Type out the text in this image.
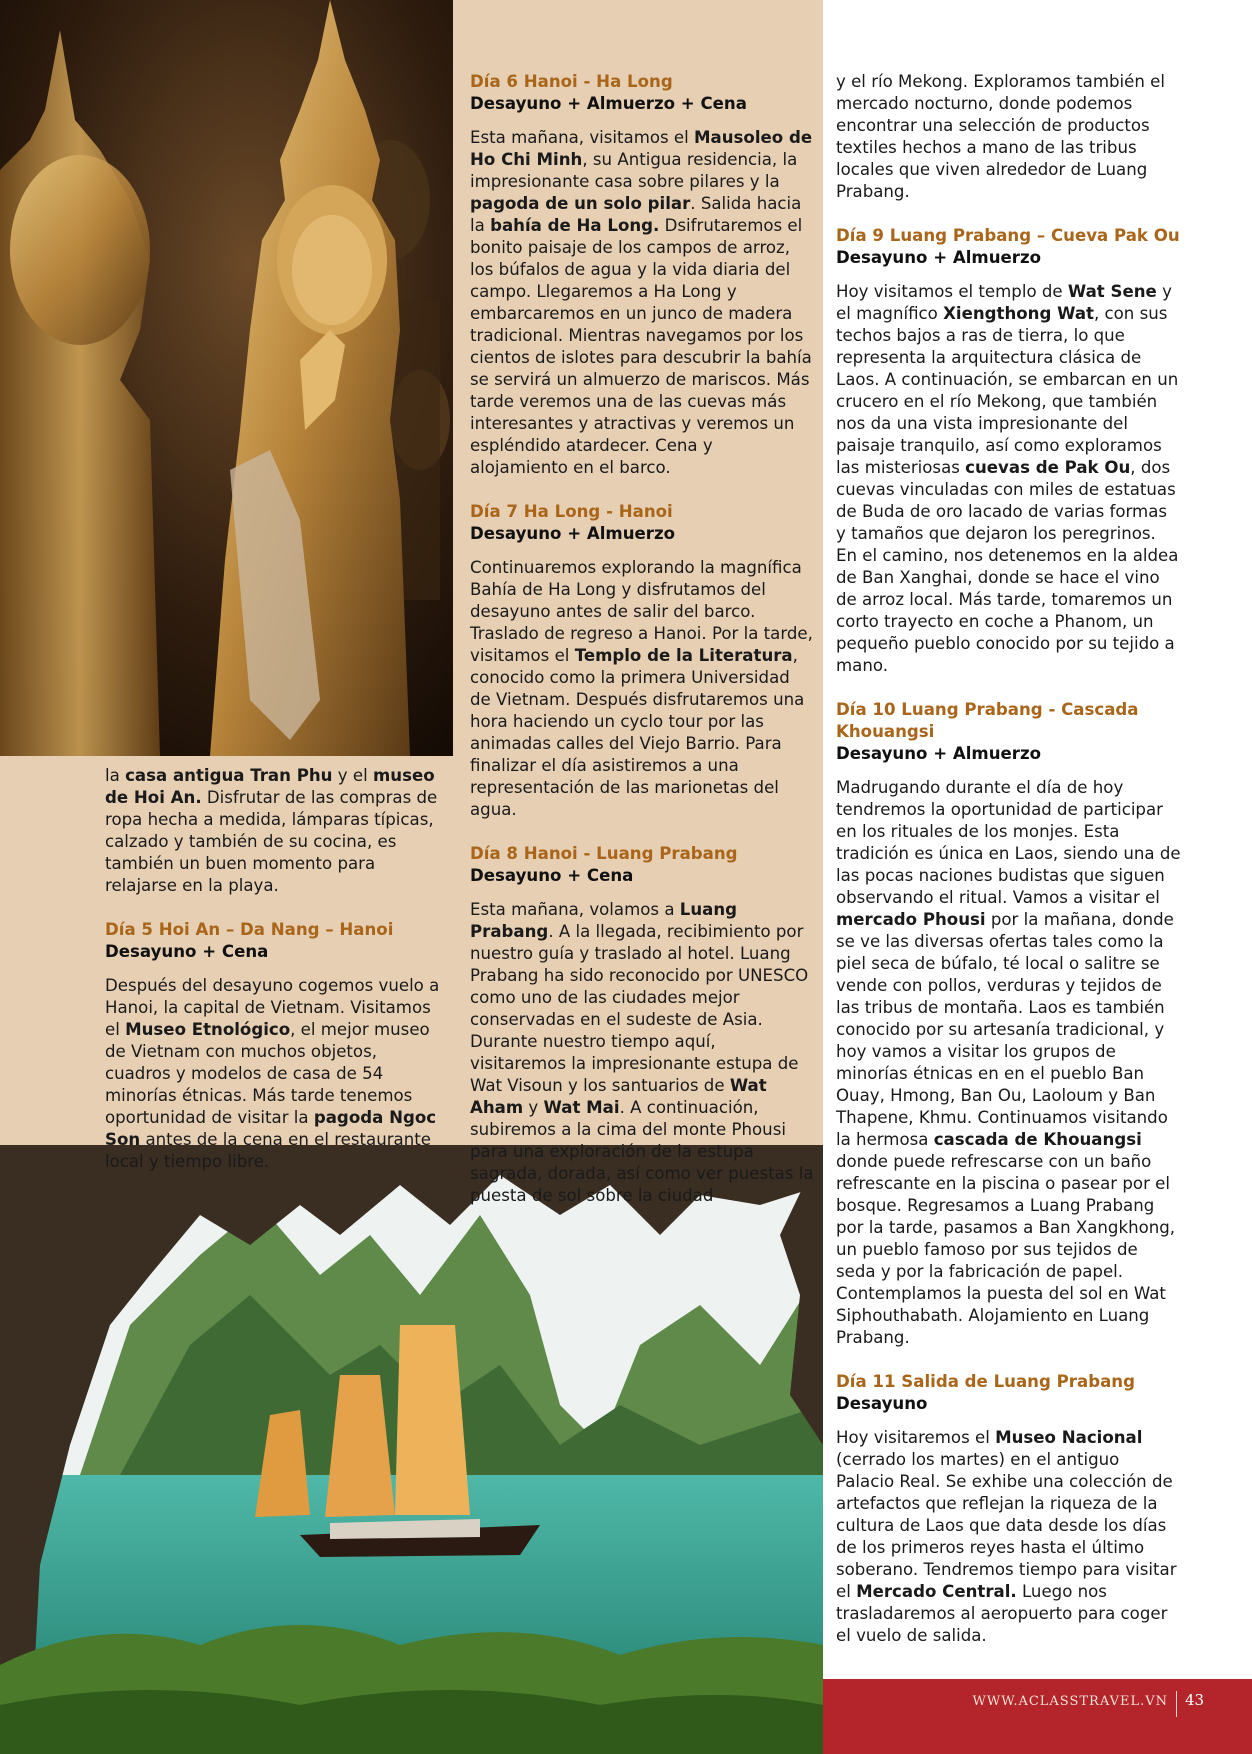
la casa antigua Tran Phu y el museo de Hoi An. Disfrutar de las compras de ropa hecha a medida, lámparas típicas, calzado y también de su cocina, es también un buen momento para relajarse en la playa.

Día 5 Hoi An – Da Nang – Hanoi
Desayuno + Cena

Después del desayuno cogemos vuelo a Hanoi, la capital de Vietnam. Visitamos el Museo Etnológico, el mejor museo de Vietnam con muchos objetos, cuadros y modelos de casa de 54 minorías étnicas. Más tarde tenemos oportunidad de visitar la pagoda Ngoc Son antes de la cena en el restaurante local y tiempo libre.

Día 6 Hanoi - Ha Long
Desayuno + Almuerzo + Cena

Esta mañana, visitamos el Mausoleo de Ho Chi Minh, su Antigua residencia, la impresionante casa sobre pilares y la pagoda de un solo pilar. Salida hacia la bahía de Ha Long. Dsifrutaremos el bonito paisaje de los campos de arroz, los búfalos de agua y la vida diaria del campo. Llegaremos a Ha Long y embarcaremos en un junco de madera tradicional. Mientras navegamos por los cientos de islotes para descubrir la bahía se servirá un almuerzo de mariscos. Más tarde veremos una de las cuevas más interesantes y atractivas y veremos un espléndido atardecer. Cena y alojamiento en el barco.

Día 7 Ha Long - Hanoi
Desayuno + Almuerzo

Continuaremos explorando la magnífica Bahía de Ha Long y disfrutamos del desayuno antes de salir del barco. Traslado de regreso a Hanoi. Por la tarde, visitamos el Templo de la Literatura, conocido como la primera Universidad de Vietnam. Después disfrutaremos una hora haciendo un cyclo tour por las animadas calles del Viejo Barrio. Para finalizar el día asistiremos a una representación de las marionetas del agua.

Día 8 Hanoi - Luang Prabang
Desayuno + Cena

Esta mañana, volamos a Luang Prabang. A la llegada, recibimiento por nuestro guía y traslado al hotel. Luang Prabang ha sido reconocido por UNESCO como uno de las ciudades mejor conservadas en el sudeste de Asia. Durante nuestro tiempo aquí, visitaremos la impresionante estupa de Wat Visoun y los santuarios de Wat Aham y Wat Mai. A continuación, subiremos a la cima del monte Phousi para una exploración de la estupa sagrada, dorada, así como ver puestas la puesta de sol sobre la ciudad

y el río Mekong. Exploramos también el mercado nocturno, donde podemos encontrar una selección de productos textiles hechos a mano de las tribus locales que viven alrededor de Luang Prabang.

Día 9 Luang Prabang – Cueva Pak Ou
Desayuno + Almuerzo

Hoy visitamos el templo de Wat Sene y el magnífico Xiengthong Wat, con sus techos bajos a ras de tierra, lo que representa la arquitectura clásica de Laos. A continuación, se embarcan en un crucero en el río Mekong, que también nos da una vista impresionante del paisaje tranquilo, así como exploramos las misteriosas cuevas de Pak Ou, dos cuevas vinculadas con miles de estatuas de Buda de oro lacado de varias formas y tamaños que dejaron los peregrinos. En el camino, nos detenemos en la aldea de Ban Xanghai, donde se hace el vino de arroz local. Más tarde, tomaremos un corto trayecto en coche a Phanom, un pequeño pueblo conocido por su tejido a mano.

Día 10 Luang Prabang - Cascada Khouangsi
Desayuno + Almuerzo

Madrugando durante el día de hoy tendremos la oportunidad de participar en los rituales de los monjes. Esta tradición es única en Laos, siendo una de las pocas naciones budistas que siguen observando el ritual. Vamos a visitar el mercado Phousi por la mañana, donde se ve las diversas ofertas tales como la piel seca de búfalo, té local o salitre se vende con pollos, verduras y tejidos de las tribus de montaña. Laos es también conocido por su artesanía tradicional, y hoy vamos a visitar los grupos de minorías étnicas en en el pueblo Ban Ouay, Hmong, Ban Ou, Laoloum y Ban Thapene, Khmu. Continuamos visitando la hermosa cascada de Khouangsi donde puede refrescarse con un baño refrescante en la piscina o pasear por el bosque. Regresamos a Luang Prabang por la tarde, pasamos a Ban Xangkhong, un pueblo famoso por sus tejidos de seda y por la fabricación de papel. Contemplamos la puesta del sol en Wat Siphouthabath. Alojamiento en Luang Prabang.

Día 11 Salida de Luang Prabang
Desayuno

Hoy visitaremos el Museo Nacional (cerrado los martes) en el antiguo Palacio Real. Se exhibe una colección de artefactos que reflejan la riqueza de la cultura de Laos que data desde los días de los primeros reyes hasta el último soberano. Tendremos tiempo para visitar el Mercado Central. Luego nos trasladaremos al aeropuerto para coger el vuelo de salida.

WWW.ACLASSTRAVEL.VN 43
